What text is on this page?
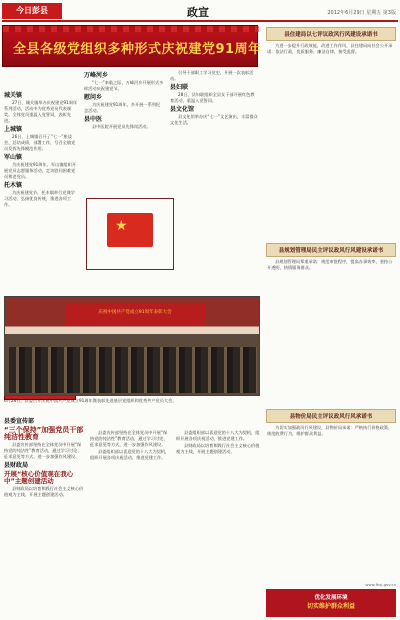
今日彭县	政宣	2012年6月29日 星期五 第3版
全县各级党组织多种形式庆祝建党91周年
城关镇

27日，城关镇举办庆祝建党91周年系列活动，活动中为优秀党员代表颁奖，全体党员重温入党誓词，表彰先进。

上城镇

26日，上城镇召开了“七一”座谈会，总结成绩，部署工作，号召全镇党员发挥先锋模范作用。

军山镇

为庆祝建党91周年，军山镇组织开展党员志愿服务活动，走访慰问困难党员和老党员。

托木镇

为庆祝建党节，托木镇举行党课学习活动，弘扬优良传统，推进各项工作。

万峰河乡

“七一”来临之际，万峰河乡开展形式多样活动庆祝建党节。

慰问乡

为庆祝建党91周年，乡开展一系列纪念活动。

县中医

县中医院开展党员先锋岗活动。

引导干部职工学习党史，开展一次表彰活动。

县妇联

28日，县妇联组织全县女干部开展红色教育活动，重温入党誓词。

县文化馆

县文化馆举办庆“七一”文艺演出，丰富群众文化生活。

★
庆祝中国共产党成立91周年表彰大会
6月28日，县委召开庆祝中国共产党成立91周年暨表彰先进基层党组织和优秀共产党员大会。
县委宣传部
“三个保持”加强党员干部纯洁性教育

县委宣传部坚持在全体党员中开展“保持党的纯洁性”教育活动，通过学习讨论、征求意见等方式，进一步加强作风建设。

县财政局
开展“核心价值观在我心中”主题创建活动

县财政局以培育和践行社会主义核心价值观为主线，开展主题创建活动。

县委宣传部坚持在全体党员中开展“保持党的纯洁性”教育活动，通过学习讨论、征求意见等方式，进一步加强作风建设。

县委组织部以喜迎党的十八大为契机，组织开展各项庆祝活动，推进党建工作。

县委组织部以喜迎党的十八大为契机，组织开展各项庆祝活动，推进党建工作。

县财政局以培育和践行社会主义核心价值观为主线，开展主题创建活动。

县住建局以七评议政风行风建设承诺书

为进一步提升行政效能，改进工作作风，县住建局向社会公开承诺：依法行政，优质服务，廉洁自律，接受监督。

县规划管理局民主评议政风行风建设承诺书

县规划管理局郑重承诺：规范审批程序，提高办事效率，坚持公开透明，热情服务群众。

县物价局民主评议政风行风承诺书

为切实加强政风行风建设，县物价局承诺：严格执行价格政策，规范收费行为，维护群众利益。

www.fkxj.gov.cn
优化发展环境
切实维护群众利益
